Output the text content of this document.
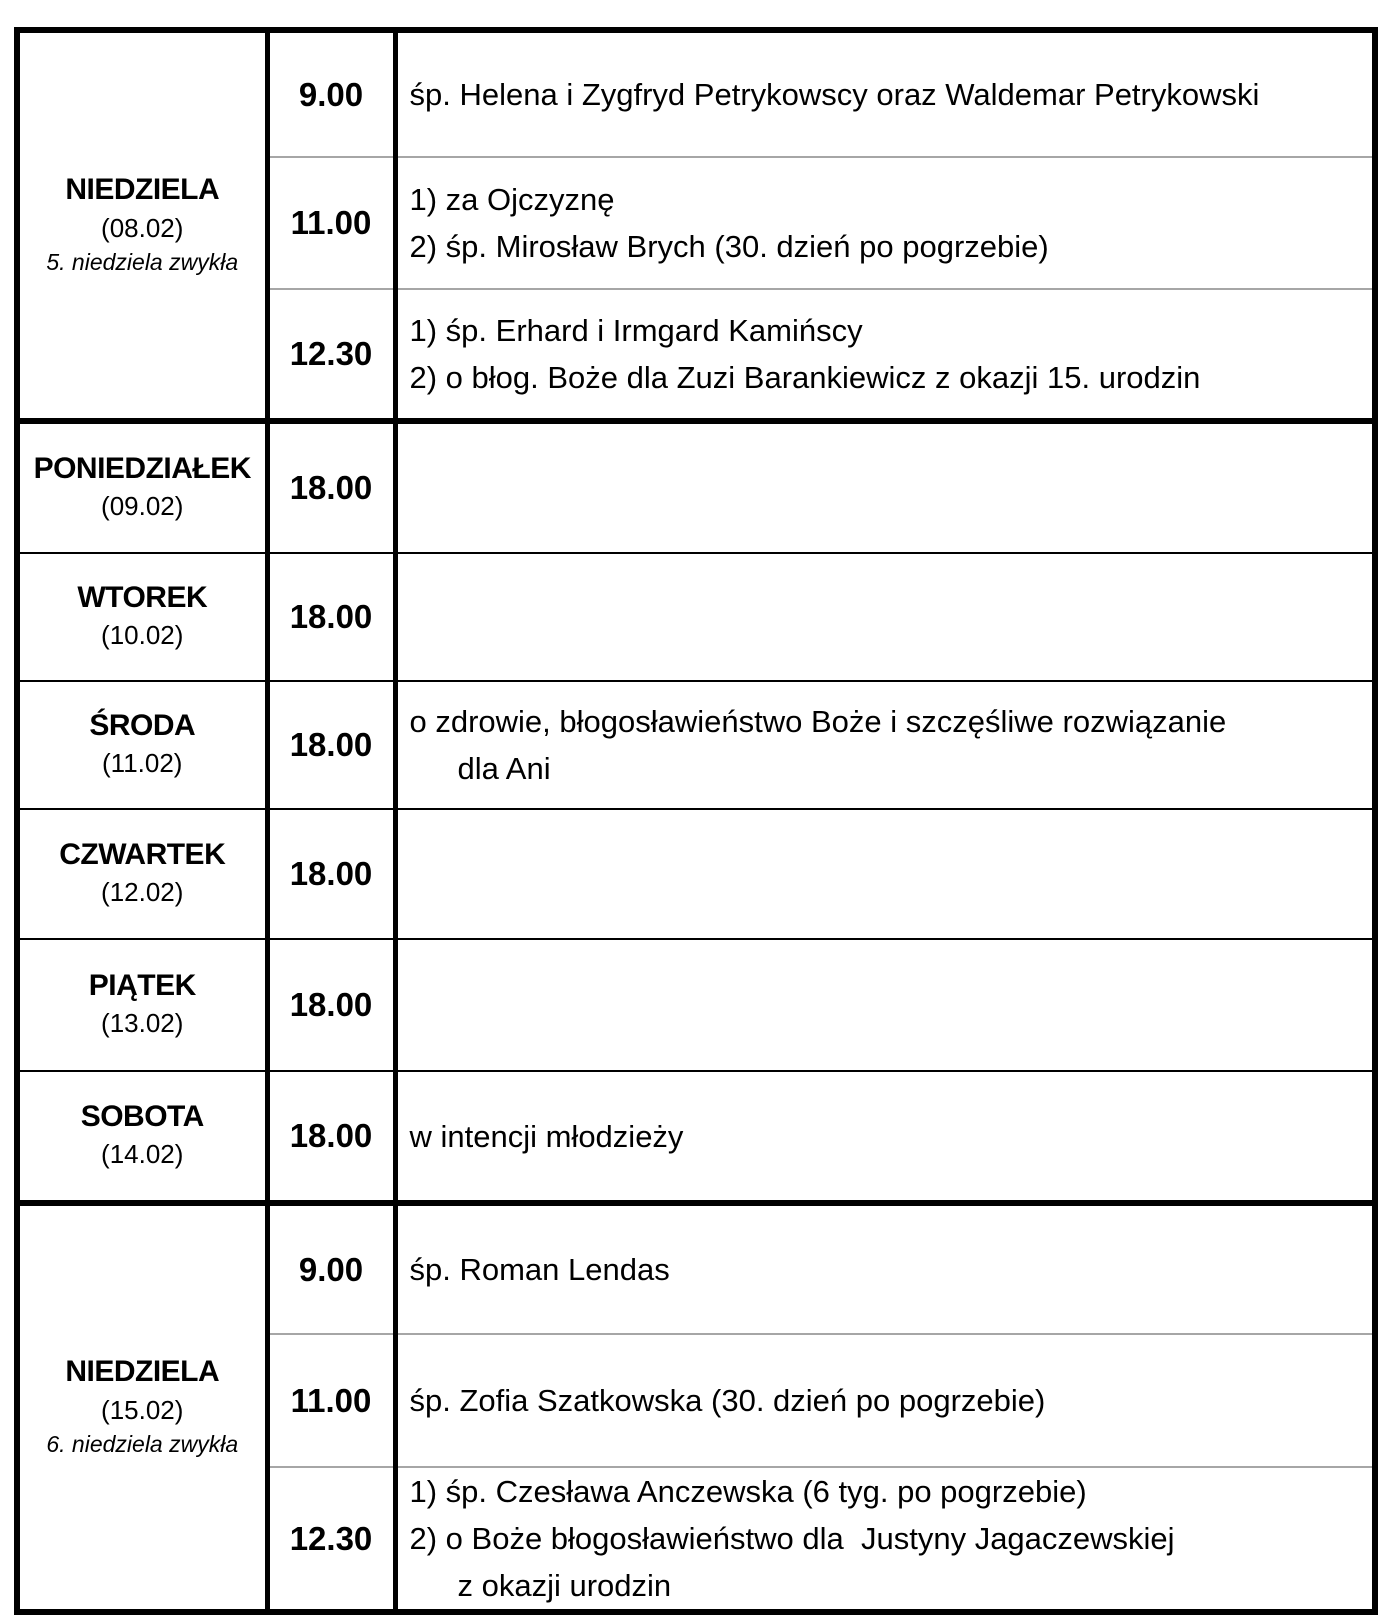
NIEDZIELA
(08.02)
5. niedziela zwykła	9.00	śp. Helena i Zygfryd Petrykowscy oraz Waldemar Petrykowski

	11.00	1) za Ojczyznę
2) śp. Mirosław Brych (30. dzień po pogrzebie)

	12.30	1) śp. Erhard i Irmgard Kamińscy
2) o błog. Boże dla Zuzi Barankiewicz z okazji 15. urodzin

PONIEDZIAŁEK
(09.02)	18.00	

WTOREK
(10.02)	18.00	

ŚRODA
(11.02)
	18.00	
o zdrowie, błogosławieństwo Boże i szczęśliwe rozwiązanie
dla Ani

CZWARTEK
(12.02)	18.00	

PIĄTEK
(13.02)	18.00	

SOBOTA
(14.02)	18.00	w intencji młodzieży

NIEDZIELA
(15.02)
6. niedziela zwykła	9.00	śp. Roman Lendas

	11.00	śp. Zofia Szatkowska (30. dzień po pogrzebie)

	12.30	1) śp. Czesława Anczewska (6 tyg. po pogrzebie)
2) o Boże błogosławieństwo dla  Justyny Jagaczewskiej
z okazji urodzin
